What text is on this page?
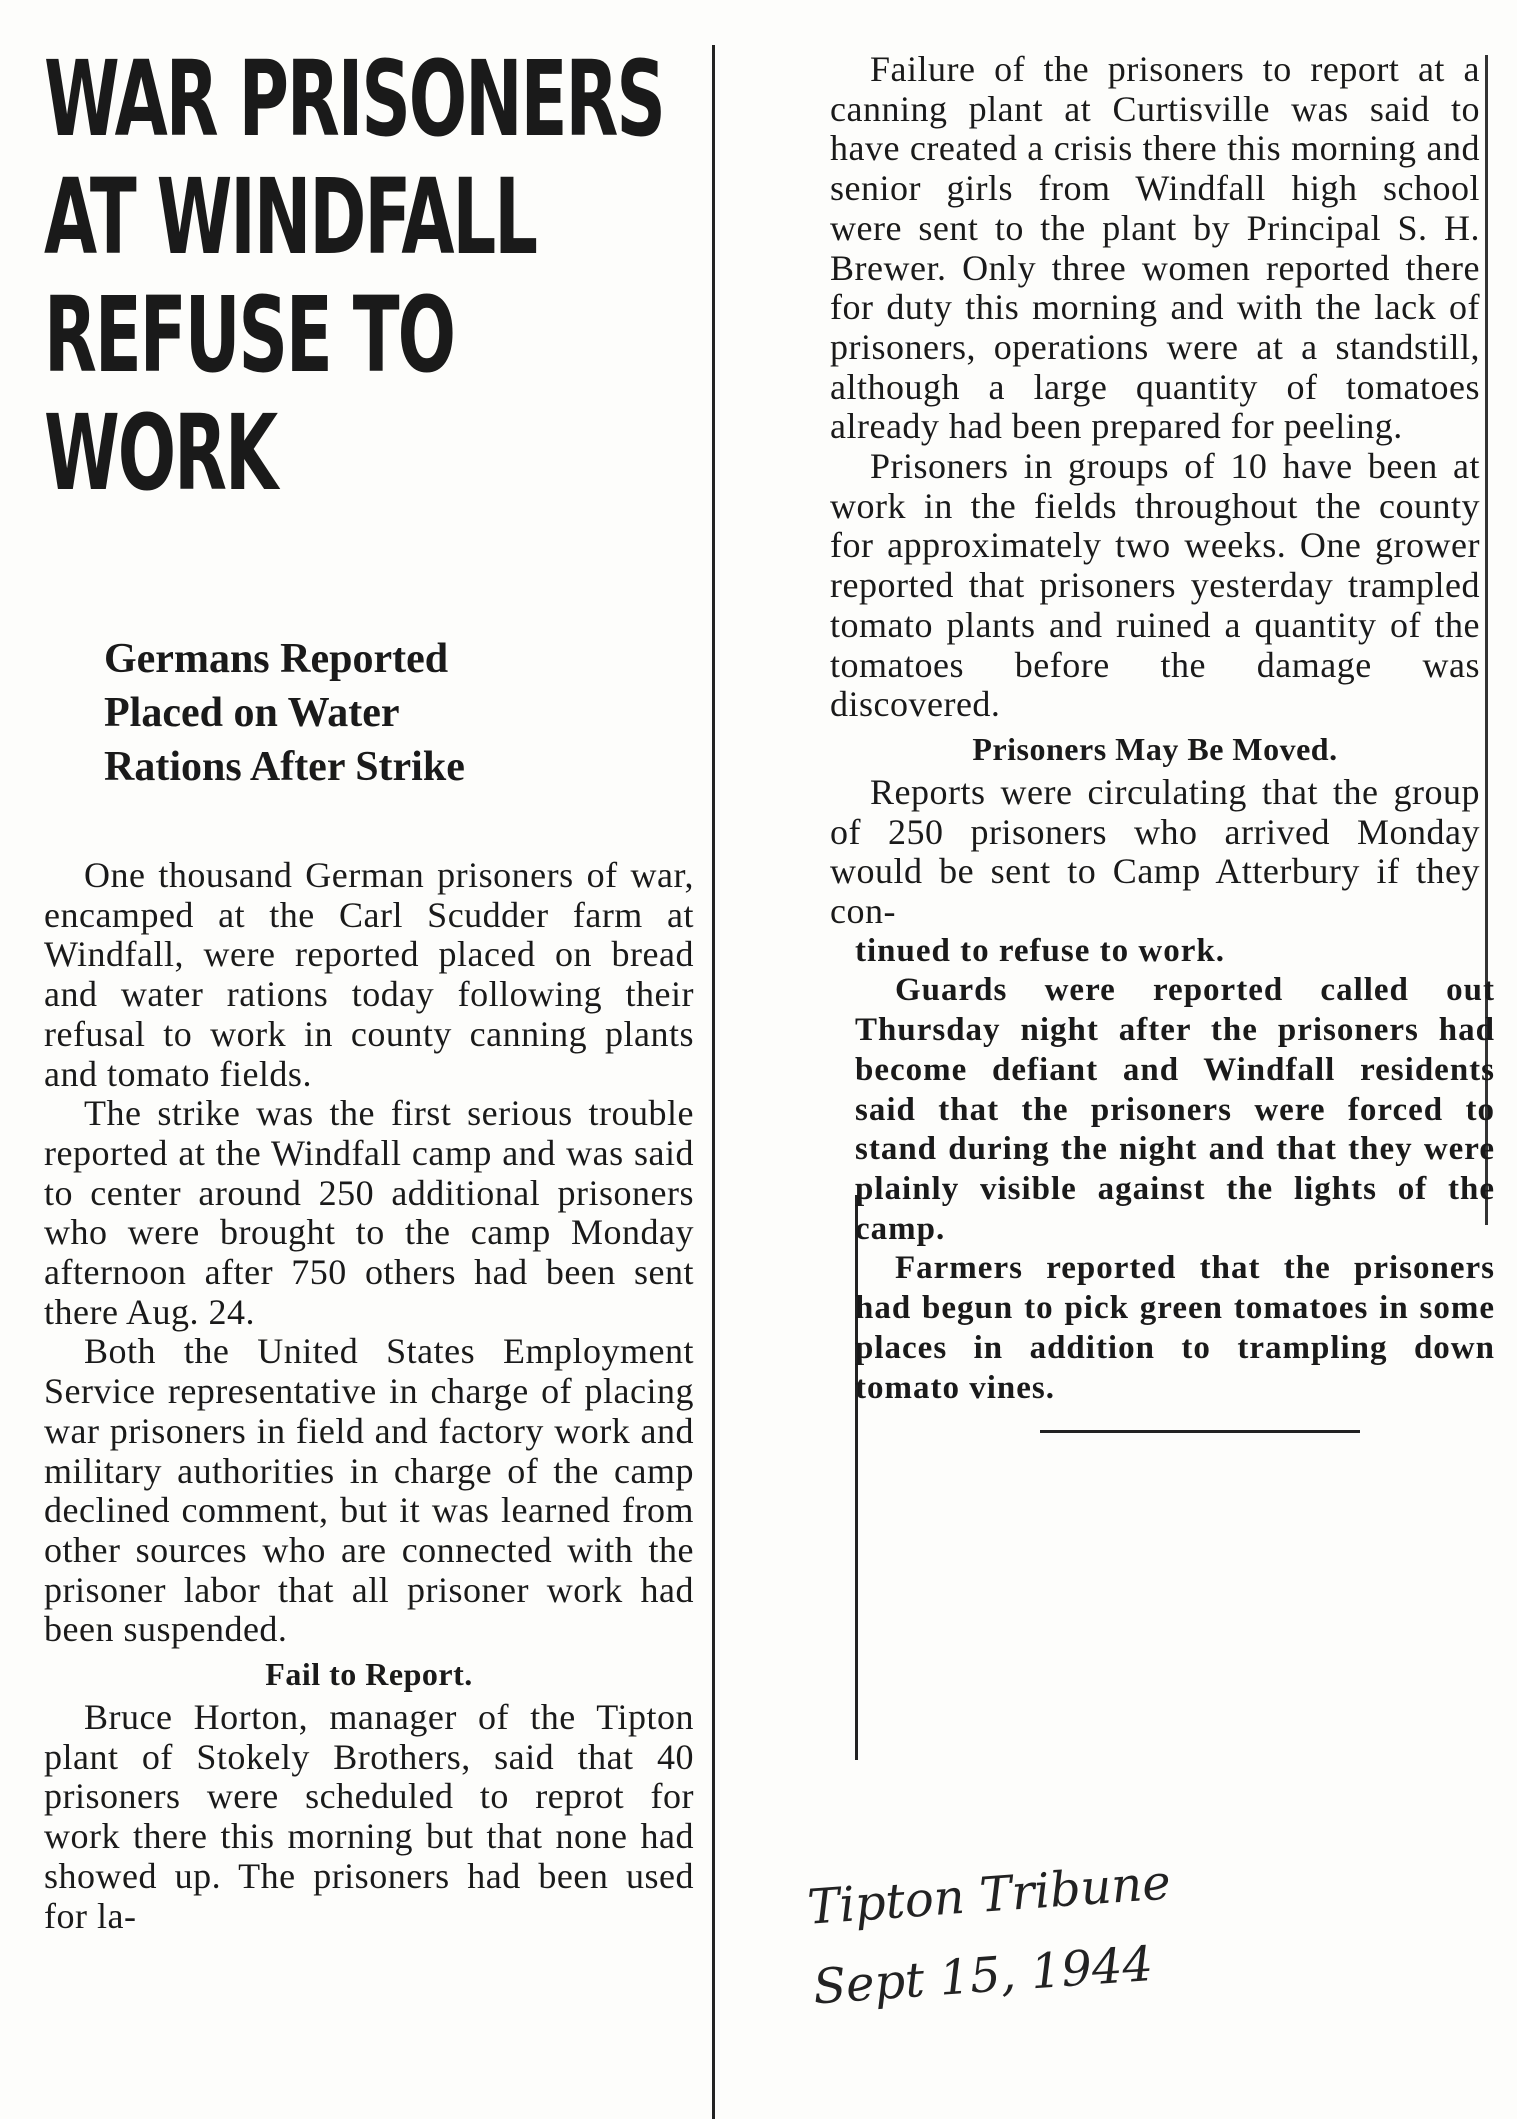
WAR PRISONERS
AT WINDFALL
REFUSE TO WORK
Germans Reported
Placed on Water
Rations After Strike

One thousand German prisoners of war, encamped at the Carl Scudder farm at Windfall, were reported placed on bread and water rations today following their refusal to work in county canning plants and tomato fields.

The strike was the first serious trouble reported at the Windfall camp and was said to center around 250 additional prisoners who were brought to the camp Monday afternoon after 750 others had been sent there Aug. 24.

Both the United States Employment Service representative in charge of placing war prisoners in field and factory work and military authorities in charge of the camp declined comment, but it was learned from other sources who are connected with the prisoner labor that all prisoner work had been suspended.

Fail to Report.

Bruce Horton, manager of the Tipton plant of Stokely Brothers, said that 40 prisoners were scheduled to reprot for work there this morning but that none had showed up. The prisoners had been used for la-

Failure of the prisoners to report at a canning plant at Curtisville was said to have created a crisis there this morning and senior girls from Windfall high school were sent to the plant by Principal S. H. Brewer. Only three women reported there for duty this morning and with the lack of prisoners, operations were at a standstill, although a large quantity of tomatoes already had been prepared for peeling.

Prisoners in groups of 10 have been at work in the fields throughout the county for approximately two weeks. One grower reported that prisoners yesterday trampled tomato plants and ruined a quantity of the tomatoes before the damage was discovered.

Prisoners May Be Moved.

Reports were circulating that the group of 250 prisoners who arrived Monday would be sent to Camp Atterbury if they con-

tinued to refuse to work.

Guards were reported called out Thursday night after the prisoners had become defiant and Windfall residents said that the prisoners were forced to stand during the night and that they were plainly visible against the lights of the camp.

Farmers reported that the prisoners had begun to pick green tomatoes in some places in addition to trampling down tomato vines.

Tipton Tribune
Sept 15, 1944
